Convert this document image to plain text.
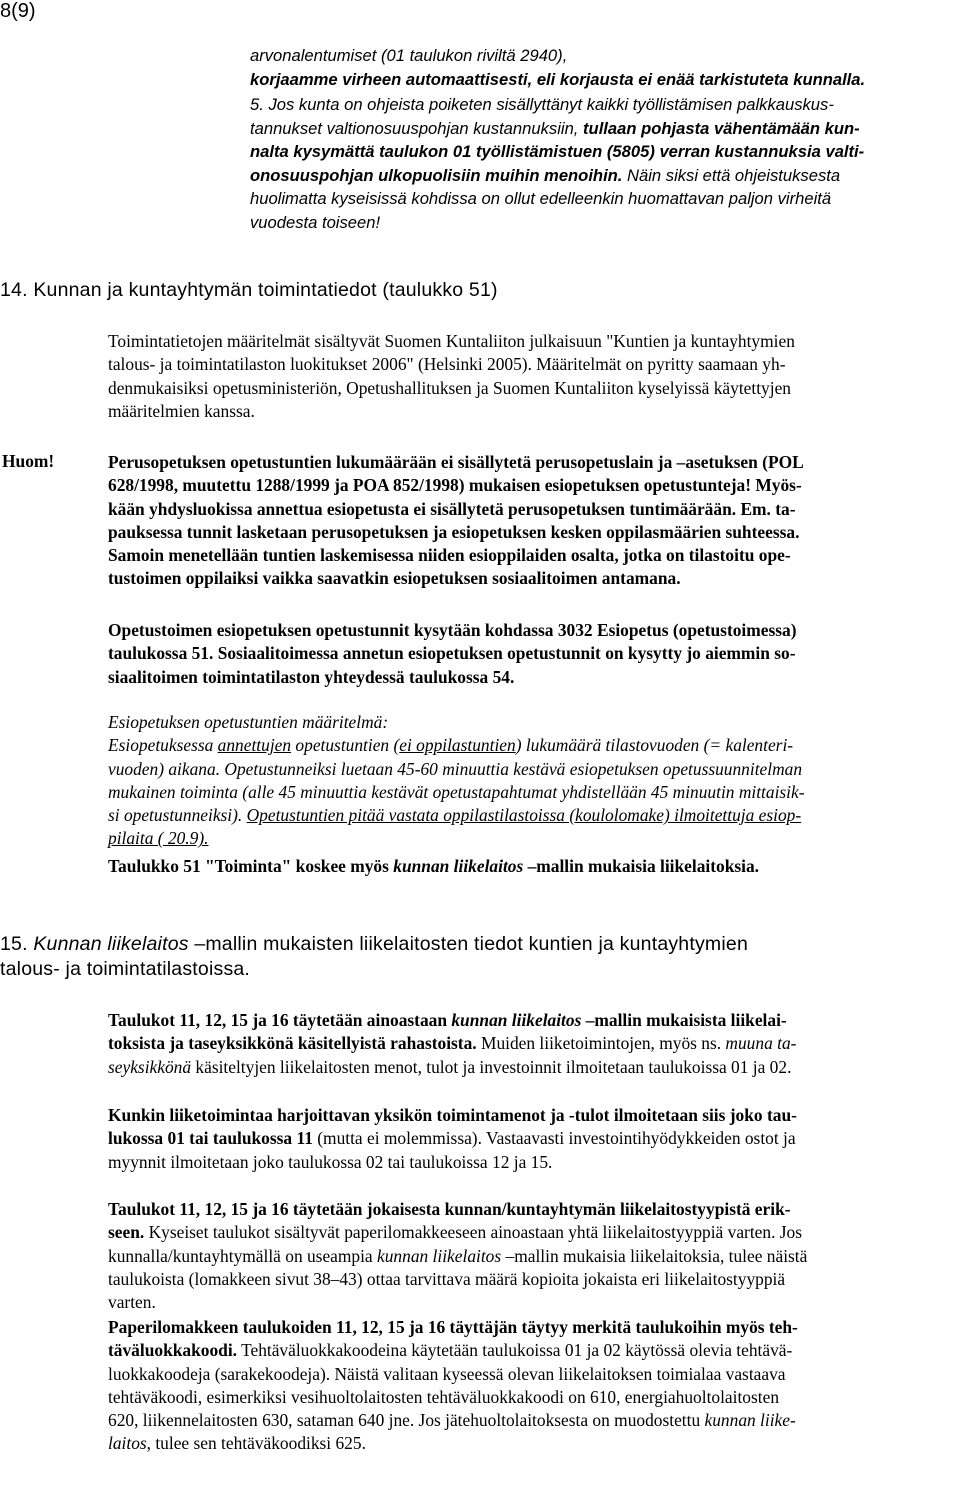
8(9)
arvonalentumiset (01 taulukon riviltä 2940),
korjaamme virheen automaattisesti, eli korjausta ei enää tarkistuteta kunnalla.
5. Jos kunta on ohjeista poiketen sisällyttänyt kaikki työllistämisen palkkauskus-
tannukset valtionosuuspohjan kustannuksiin, tullaan pohjasta vähentämään kun-
nalta kysymättä taulukon 01 työllistämistuen (5805) verran kustannuksia valti-
onosuuspohjan ulkopuolisiin muihin menoihin. Näin siksi että ohjeistuksesta
huolimatta kyseisissä kohdissa on ollut edelleenkin huomattavan paljon virheitä
vuodesta toiseen!
14. Kunnan ja kuntayhtymän toimintatiedot (taulukko 51)
Toimintatietojen määritelmät sisältyvät Suomen Kuntaliiton julkaisuun "Kuntien ja kuntayhtymien
talous- ja toimintatilaston luokitukset 2006" (Helsinki 2005). Määritelmät on pyritty saamaan yh-
denmukaisiksi opetusministeriön, Opetushallituksen ja Suomen Kuntaliiton kyselyissä käytettyjen
määritelmien kanssa.
Huom!	Perusopetuksen opetustuntien lukumäärään ei sisällytetä perusopetuslain ja –asetuksen (POL
628/1998, muutettu 1288/1999 ja POA 852/1998) mukaisen esiopetuksen opetustunteja! Myös-
kään yhdysluokissa annettua esiopetusta ei sisällytetä perusopetuksen tuntimäärään. Em. ta-
pauksessa tunnit lasketaan perusopetuksen ja esiopetuksen kesken oppilasmäärien suhteessa.
Samoin menetellään tuntien laskemisessa niiden esioppilaiden osalta, jotka on tilastoitu ope-
tustoimen oppilaiksi vaikka saavatkin esiopetuksen sosiaalitoimen antamana.
Opetustoimen esiopetuksen opetustunnit kysytään kohdassa 3032 Esiopetus (opetustoimessa)
taulukossa 51. Sosiaalitoimessa annetun esiopetuksen opetustunnit on kysytty jo aiemmin so-
siaalitoimen toimintatilaston yhteydessä taulukossa 54.
Esiopetuksen opetustuntien määritelmä:
Esiopetuksessa annettujen opetustuntien (ei oppilastuntien) lukumäärä tilastovuoden (= kalenteri-
vuoden) aikana. Opetustunneiksi luetaan 45-60 minuuttia kestävä esiopetuksen opetussuunnitelman
mukainen toiminta (alle 45 minuuttia kestävät opetustapahtumat yhdistellään 45 minuutin mittaisik-
si opetustunneiksi). Opetustuntien pitää vastata oppilastilastoissa (koulolomake) ilmoitettuja esiop-
pilaita ( 20.9).
Taulukko 51 "Toiminta" koskee myös kunnan liikelaitos –mallin mukaisia liikelaitoksia.
15. Kunnan liikelaitos –mallin mukaisten liikelaitosten tiedot kuntien ja kuntayhtymien
talous- ja toimintatilastoissa.
Taulukot 11, 12, 15 ja 16 täytetään ainoastaan kunnan liikelaitos –mallin mukaisista liikelai-
toksista ja taseyksikkönä käsitellyistä rahastoista. Muiden liiketoimintojen, myös ns. muuna ta-
seyksikkönä käsiteltyjen liikelaitosten menot, tulot ja investoinnit ilmoitetaan taulukoissa 01 ja 02.
Kunkin liiketoimintaa harjoittavan yksikön toimintamenot ja -tulot ilmoitetaan siis joko tau-
lukossa 01 tai taulukossa 11 (mutta ei molemmissa). Vastaavasti investointihyödykkeiden ostot ja
myynnit ilmoitetaan joko taulukossa 02 tai taulukoissa 12 ja 15.
Taulukot 11, 12, 15 ja 16 täytetään jokaisesta kunnan/kuntayhtymän liikelaitostyypistä erik-
seen. Kyseiset taulukot sisältyvät paperilomakkeeseen ainoastaan yhtä liikelaitostyyppiä varten. Jos
kunnalla/kuntayhtymällä on useampia kunnan liikelaitos –mallin mukaisia liikelaitoksia, tulee näistä
taulukoista (lomakkeen sivut 38–43) ottaa tarvittava määrä kopioita jokaista eri liikelaitostyyppiä
varten.
Paperilomakkeen taulukoiden 11, 12, 15 ja 16 täyttäjän täytyy merkitä taulukoihin myös teh-
täväluokkakoodi. Tehtäväluokkakoodeina käytetään taulukoissa 01 ja 02 käytössä olevia tehtävä-
luokkakoodeja (sarakekoodeja). Näistä valitaan kyseessä olevan liikelaitoksen toimialaa vastaava
tehtäväkoodi, esimerkiksi vesihuoltolaitosten tehtäväluokkakoodi on 610, energiahuoltolaitosten
620, liikennelaitosten 630, sataman 640 jne. Jos jätehuoltolaitoksesta on muodostettu kunnan liike-
laitos, tulee sen tehtäväkoodiksi 625.
